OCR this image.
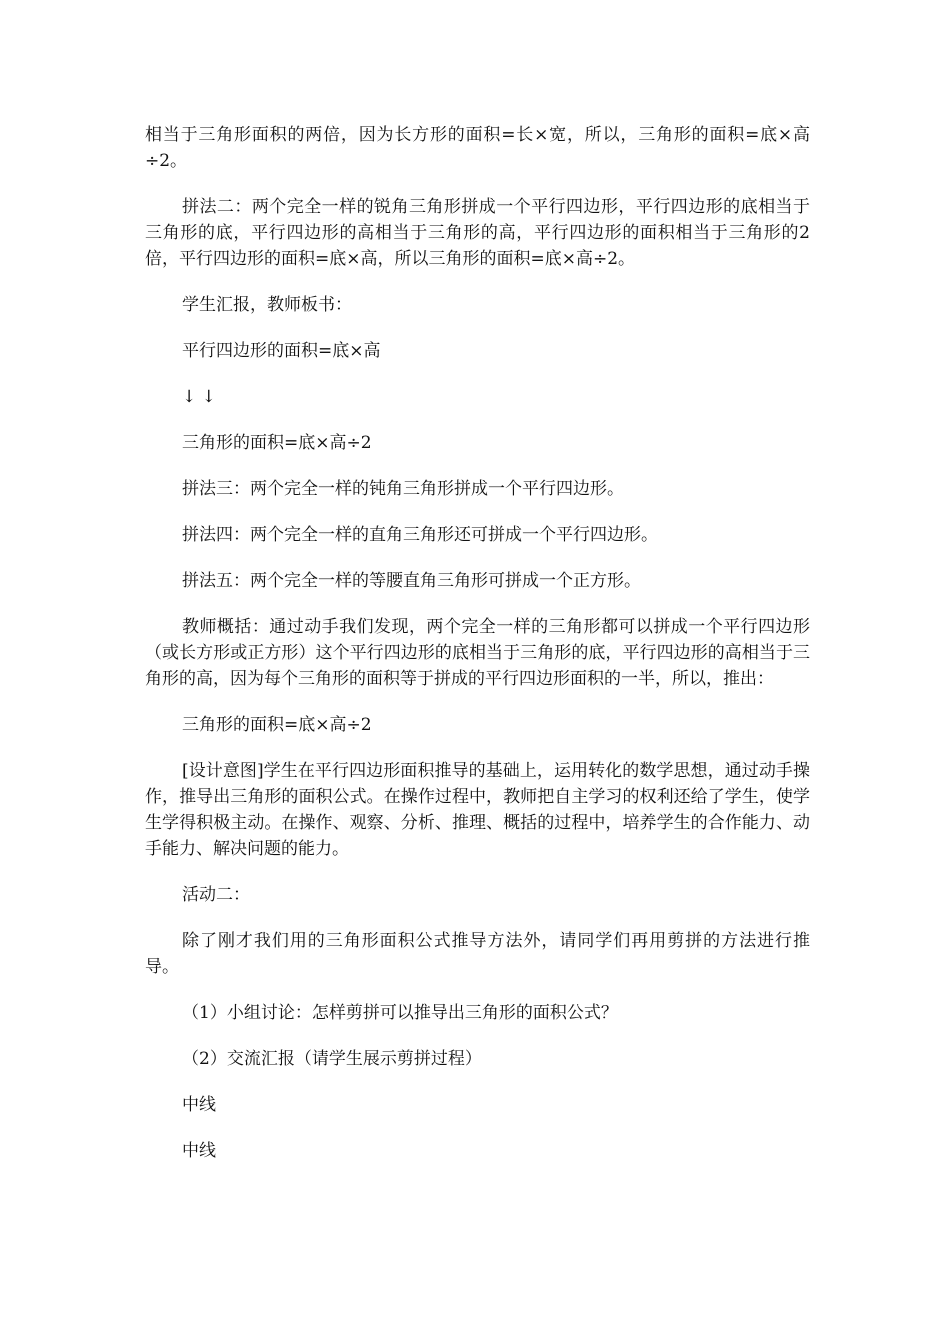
相当于三角形面积的两倍，因为长方形的面积=长×宽，所以，三角形的面积=底×高÷2。

拼法二：两个完全一样的锐角三角形拼成一个平行四边形，平行四边形的底相当于三角形的底，平行四边形的高相当于三角形的高，平行四边形的面积相当于三角形的2倍，平行四边形的面积=底×高，所以三角形的面积=底×高÷2。

学生汇报，教师板书：

平行四边形的面积=底×高

↓ ↓

三角形的面积=底×高÷2

拼法三：两个完全一样的钝角三角形拼成一个平行四边形。

拼法四：两个完全一样的直角三角形还可拼成一个平行四边形。

拼法五：两个完全一样的等腰直角三角形可拼成一个正方形。

教师概括：通过动手我们发现，两个完全一样的三角形都可以拼成一个平行四边形（或长方形或正方形）这个平行四边形的底相当于三角形的底，平行四边形的高相当于三角形的高，因为每个三角形的面积等于拼成的平行四边形面积的一半，所以，推出：

三角形的面积=底×高÷2

[设计意图]学生在平行四边形面积推导的基础上，运用转化的数学思想，通过动手操作，推导出三角形的面积公式。在操作过程中，教师把自主学习的权利还给了学生，使学生学得积极主动。在操作、观察、分析、推理、概括的过程中，培养学生的合作能力、动手能力、解决问题的能力。

活动二：

除了刚才我们用的三角形面积公式推导方法外，请同学们再用剪拼的方法进行推导。

（1）小组讨论：怎样剪拼可以推导出三角形的面积公式？

（2）交流汇报（请学生展示剪拼过程）

中线

中线
